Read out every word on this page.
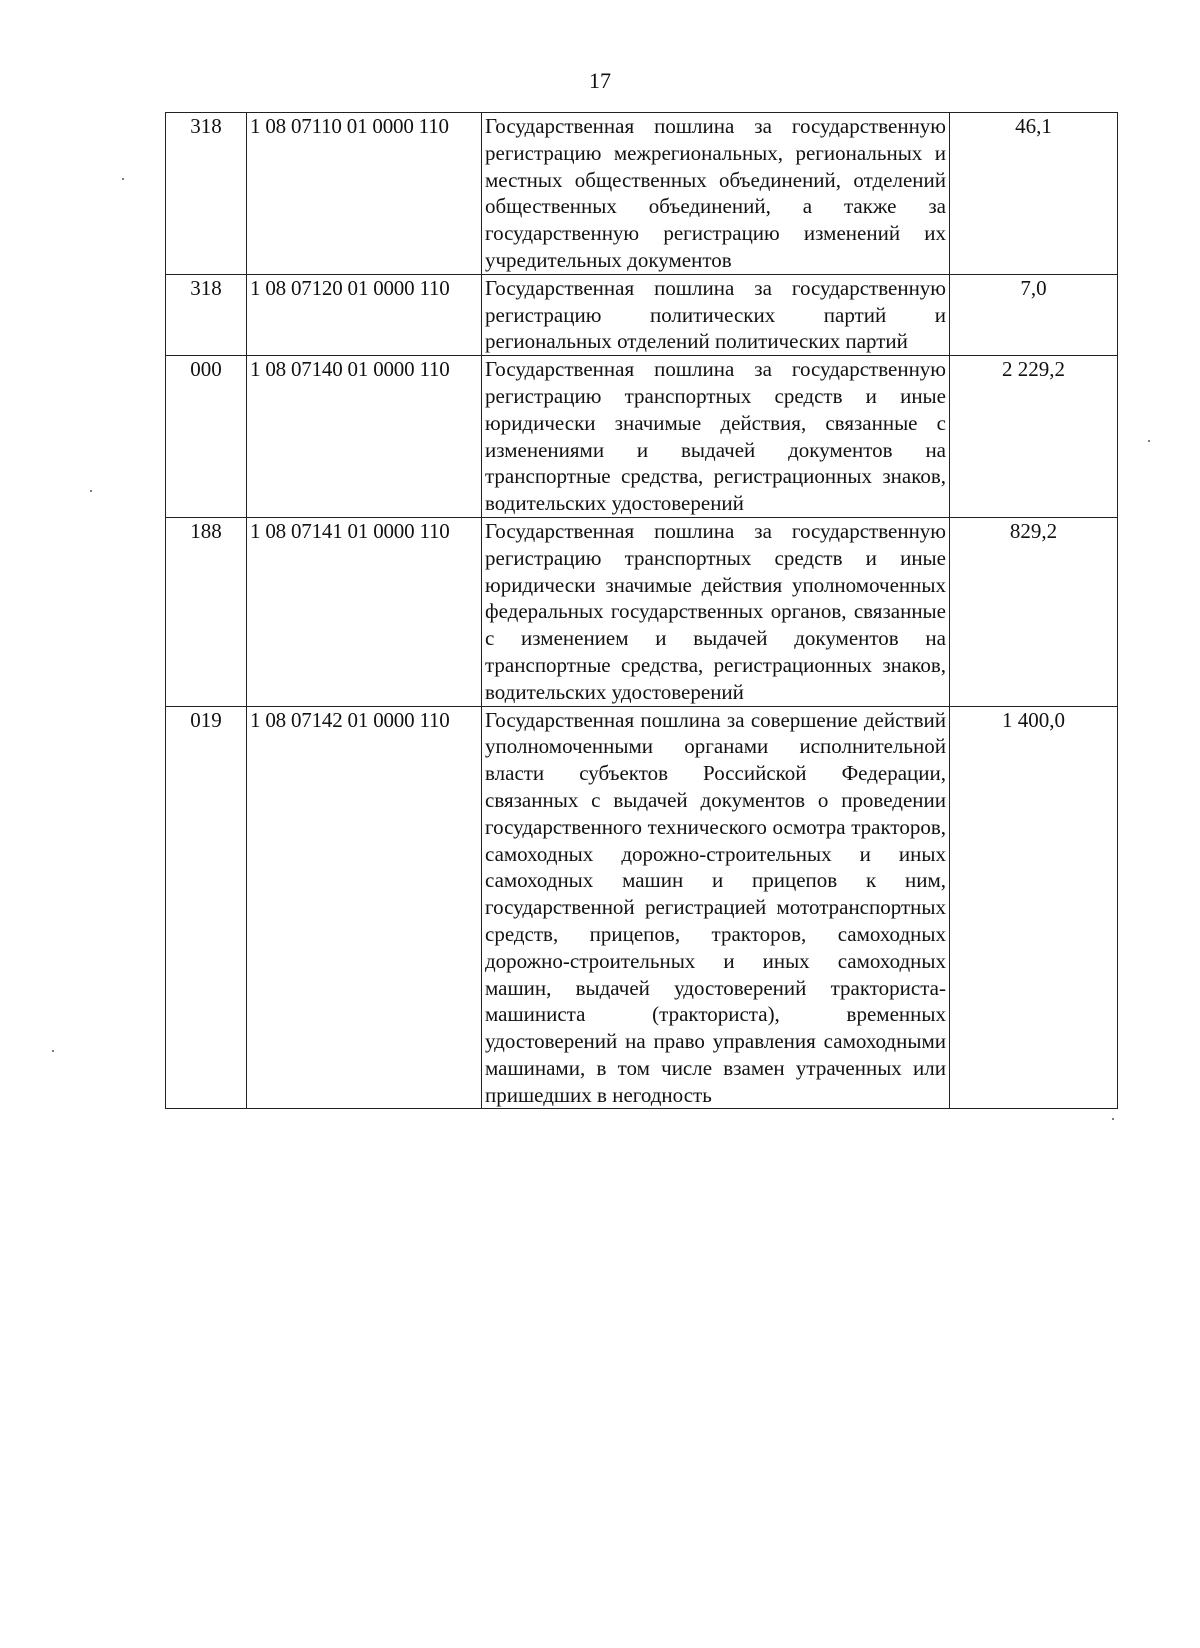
17
318	1 08 07110 01 0000 110	Государственная пошлина за государственную регистрацию межрегиональных, региональных и местных общественных объединений, отделений общественных объединений, а также за государственную регистрацию изменений их учредительных документов	46,1
318	1 08 07120 01 0000 110	Государственная пошлина за государственную регистрацию политических партий и региональных отделений политических партий	7,0
000	1 08 07140 01 0000 110	Государственная пошлина за государственную регистрацию транспортных средств и иные юридически значимые действия, связанные с изменениями и выдачей документов на транспортные средства, регистрационных знаков, водительских удостоверений	2 229,2
188	1 08 07141 01 0000 110	Государственная пошлина за государственную регистрацию транспортных средств и иные юридически значимые действия уполномоченных федеральных государственных органов, связанные с изменением и выдачей документов на транспортные средства, регистрационных знаков, водительских удостоверений	829,2
019	1 08 07142 01 0000 110	Государственная пошлина за совершение действий уполномоченными органами исполнительной власти субъектов Российской Федерации, связанных с выдачей документов о проведении государственного технического осмотра тракторов, самоходных дорожно-строительных и иных самоходных машин и прицепов к ним, государственной регистрацией мототранспортных средств, прицепов, тракторов, самоходных дорожно-строительных и иных самоходных машин, выдачей удостоверений тракториста-машиниста (тракториста), временных удостоверений на право управления самоходными машинами, в том числе взамен утраченных или пришедших в негодность	1 400,0
